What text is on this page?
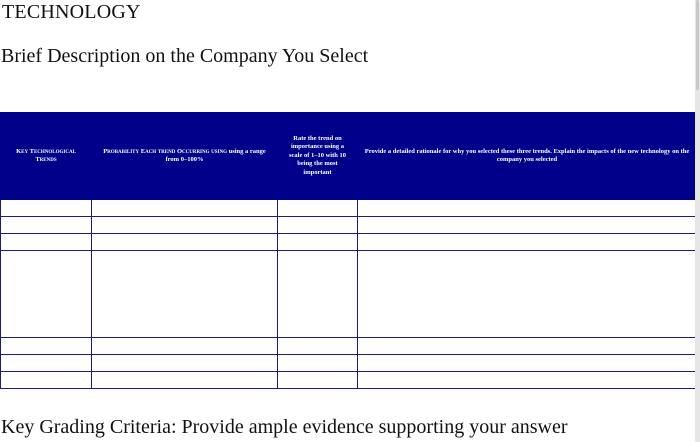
TECHNOLOGY
Brief Description on the Company You Select
Key Technological Trends	Probability Each trend Occurring using using a range from 0–100%	Rate the trend on importance using a scale of 1–10 with 10 being the most important	Provide a detailed rationale for why you selected these three trends. Explain the impacts of the new technology on the company you selected

Key Grading Criteria: Provide ample evidence supporting your answer
